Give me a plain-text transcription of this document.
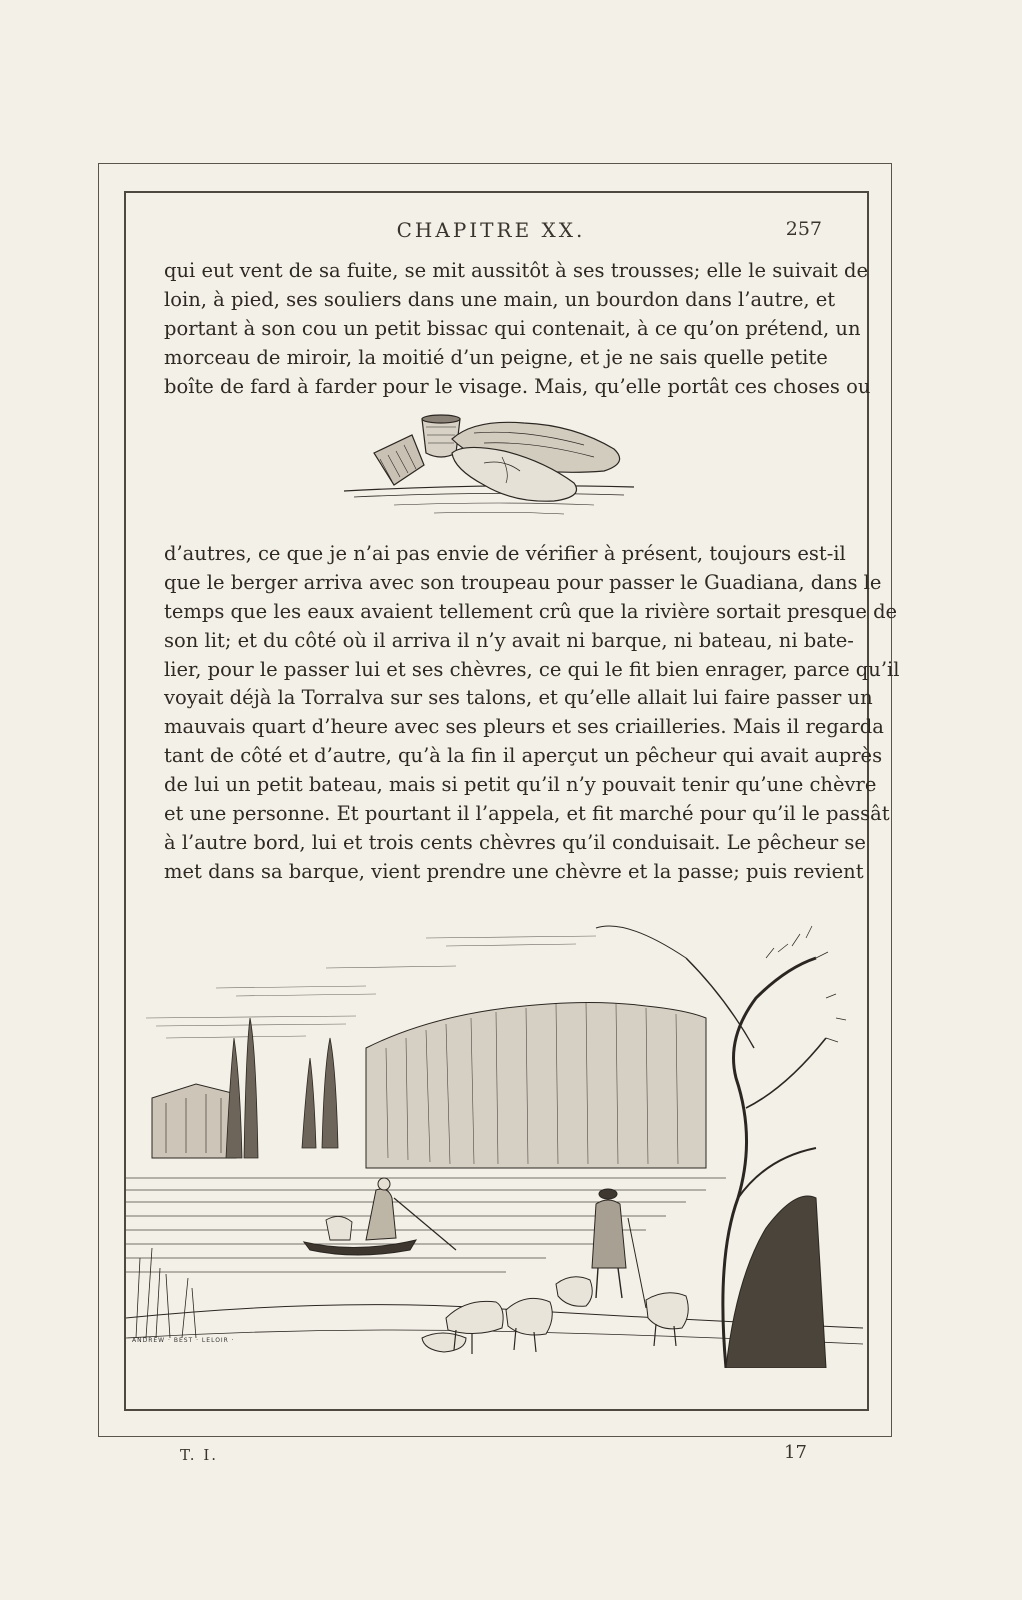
CHAPITRE XX.	257
qui eut vent de sa fuite, se mit aussitôt à ses trousses; elle le suivait de
loin, à pied, ses souliers dans une main, un bourdon dans l’autre, et
portant à son cou un petit bissac qui contenait, à ce qu’on prétend, un
morceau de miroir, la moitié d’un peigne, et je ne sais quelle petite
boîte de fard à farder pour le visage. Mais, qu’elle portât ces choses ou
d’autres, ce que je n’ai pas envie de vérifier à présent, toujours est-il
que le berger arriva avec son troupeau pour passer le Guadiana, dans le
temps que les eaux avaient tellement crû que la rivière sortait presque de
son lit; et du côté où il arriva il n’y avait ni barque, ni bateau, ni bate-
lier, pour le passer lui et ses chèvres, ce qui le fit bien enrager, parce qu’il
voyait déjà la Torralva sur ses talons, et qu’elle allait lui faire passer un
mauvais quart d’heure avec ses pleurs et ses criailleries. Mais il regarda
tant de côté et d’autre, qu’à la fin il aperçut un pêcheur qui avait auprès
de lui un petit bateau, mais si petit qu’il n’y pouvait tenir qu’une chèvre
et une personne. Et pourtant il l’appela, et fit marché pour qu’il le passât
à l’autre bord, lui et trois cents chèvres qu’il conduisait. Le pêcheur se
met dans sa barque, vient prendre une chèvre et la passe; puis revient
ANDREW · BEST · LELOIR ·
T. I.	17
